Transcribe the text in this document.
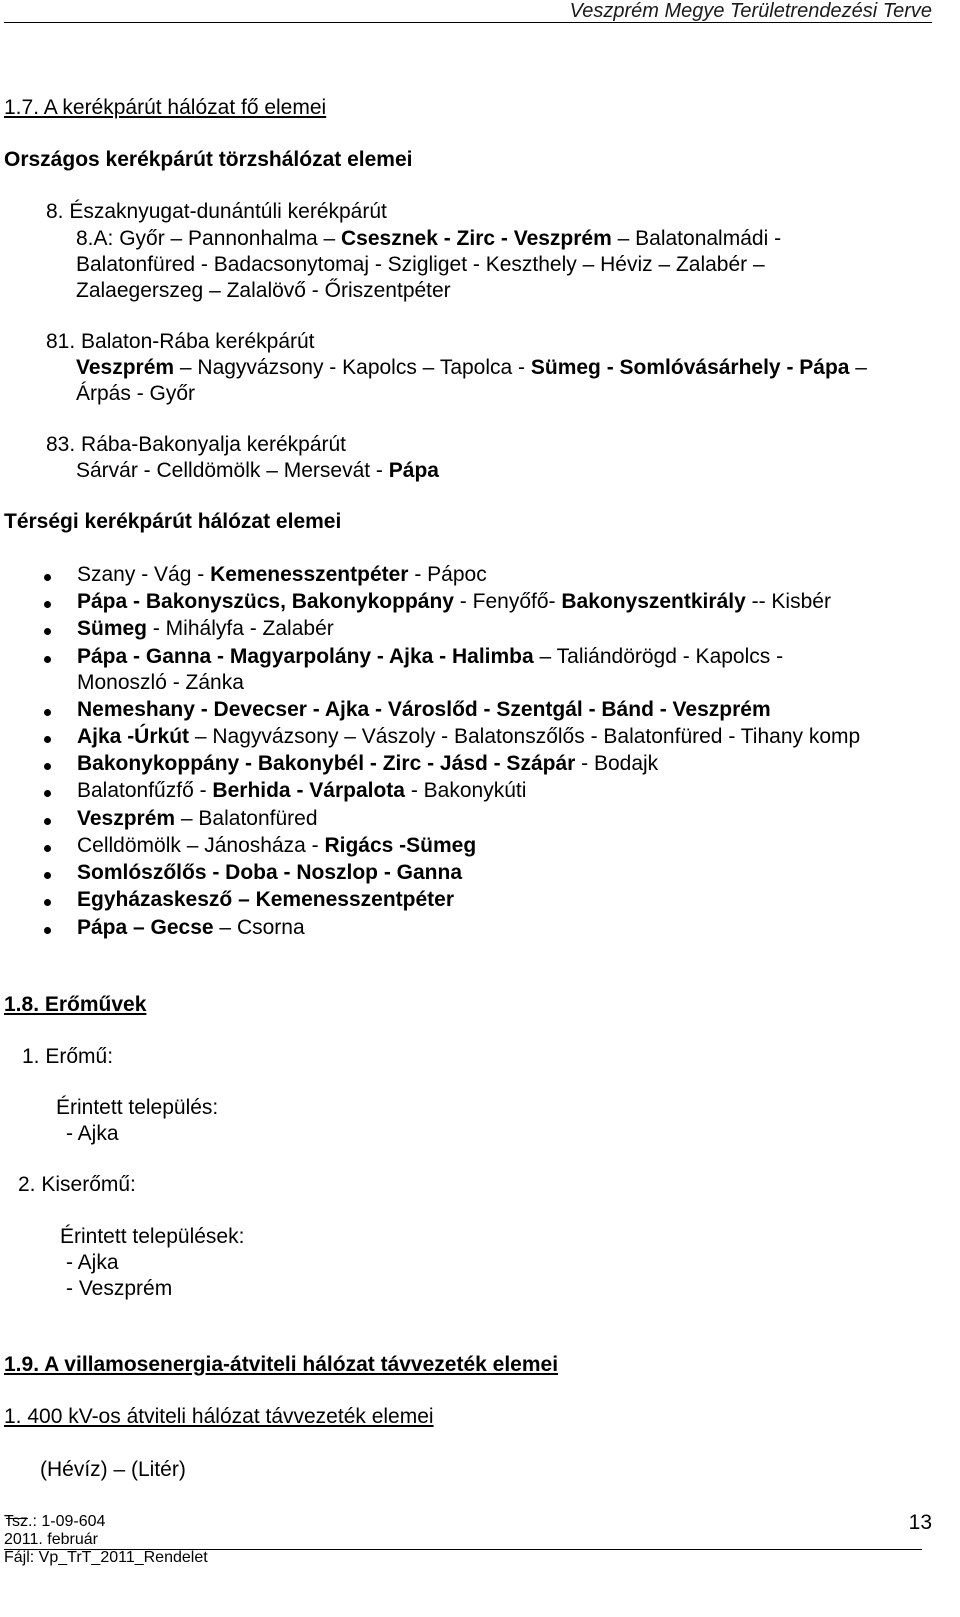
Veszprém Megye Területrendezési Terve
1.7. A kerékpárút hálózat fő elemei
Országos kerékpárút törzshálózat elemei
8. Északnyugat-dunántúli kerékpárút
8.A: Győr – Pannonhalma – Csesznek - Zirc - Veszprém – Balatonalmádi -
Balatonfüred - Badacsonytomaj - Szigliget - Keszthely – Héviz – Zalabér –
Zalaegerszeg – Zalalövő - Őriszentpéter
81. Balaton-Rába kerékpárút
Veszprém – Nagyvázsony - Kapolcs – Tapolca - Sümeg - Somlóvásárhely - Pápa –
Árpás - Győr
83. Rába-Bakonyalja kerékpárút
Sárvár - Celldömölk – Mersevát - Pápa
Térségi kerékpárút hálózat elemei
Szany - Vág - Kemenesszentpéter - Pápoc
Pápa - Bakonyszücs, Bakonykoppány - Fenyőfő- Bakonyszentkirály -- Kisbér
Sümeg - Mihályfa - Zalabér
Pápa - Ganna - Magyarpolány - Ajka - Halimba – Taliándörögd - Kapolcs -
Monoszló - Zánka
Nemeshany - Devecser - Ajka - Városlőd - Szentgál - Bánd - Veszprém
Ajka -Úrkút – Nagyvázsony – Vászoly - Balatonszőlős - Balatonfüred - Tihany komp
Bakonykoppány - Bakonybél - Zirc - Jásd - Szápár - Bodajk
Balatonfűzfő - Berhida - Várpalota - Bakonykúti
Veszprém – Balatonfüred
Celldömölk – Jánosháza - Rigács -Sümeg
Somlószőlős - Doba - Noszlop - Ganna
Egyházaskesző – Kemenesszentpéter
Pápa – Gecse – Csorna
1.8. Erőművek
1. Erőmű:
Érintett település:
- Ajka
2. Kiserőmű:
Érintett települések:
- Ajka
- Veszprém
1.9. A villamosenergia-átviteli hálózat távvezeték elemei
1. 400 kV-os átviteli hálózat távvezeték elemei
(Hévíz) – (Litér)
Tsz.: 1-09-604
2011. február
Fájl: Vp_TrT_2011_Rendelet
13
